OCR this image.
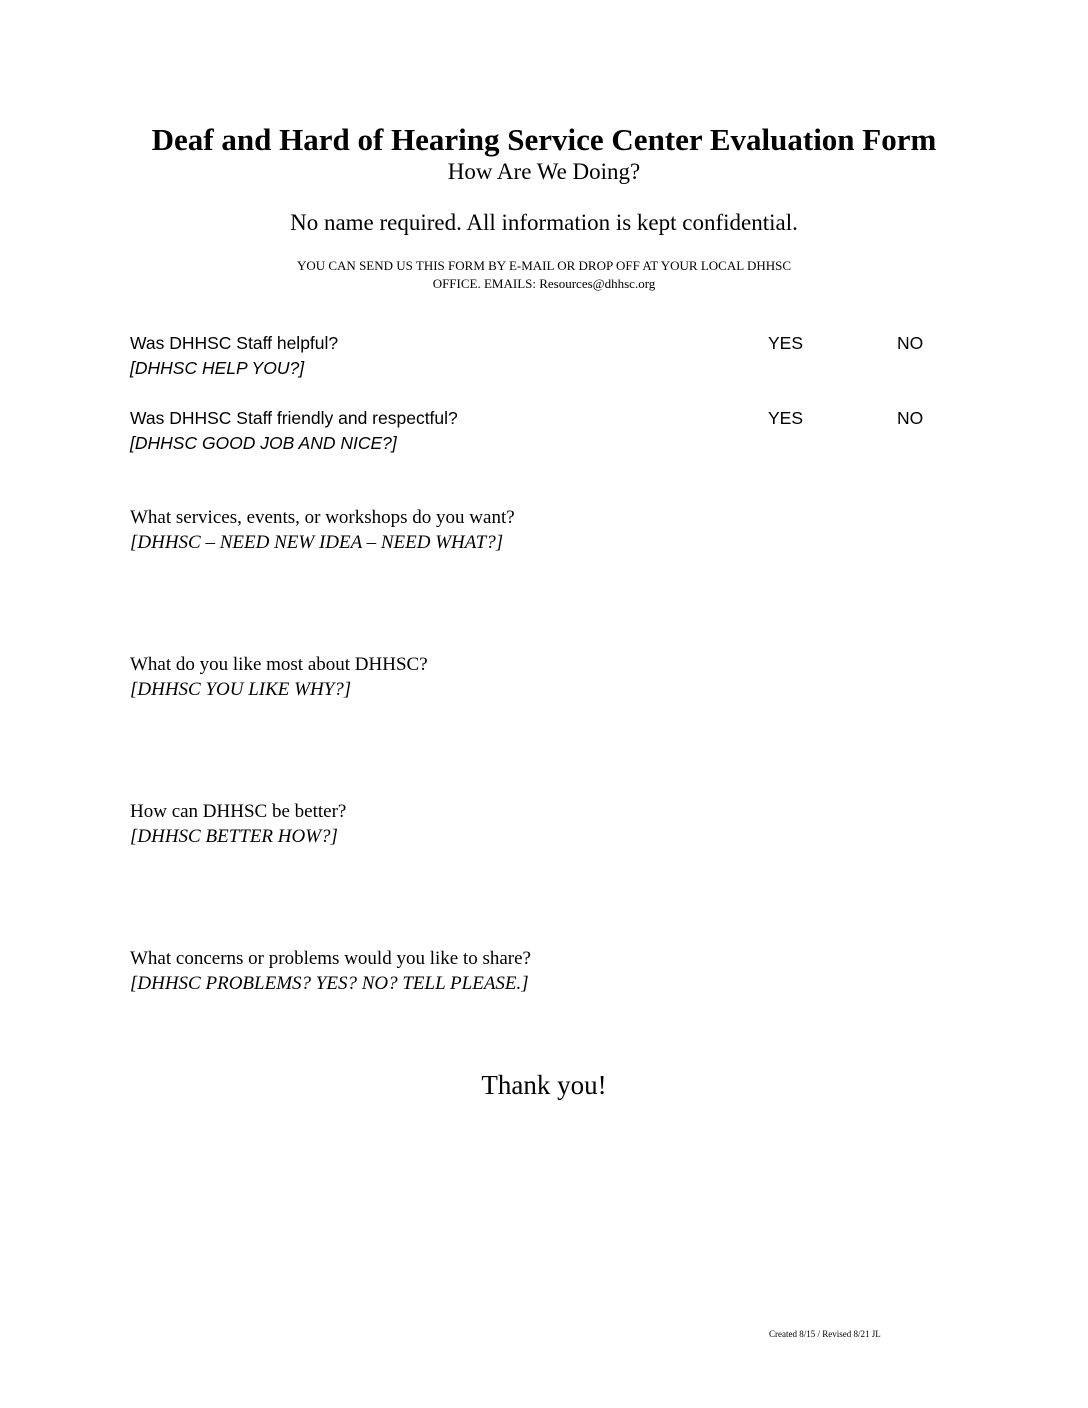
Deaf and Hard of Hearing Service Center Evaluation Form
How Are We Doing?
No name required. All information is kept confidential.
YOU CAN SEND US THIS FORM BY E-MAIL OR DROP OFF AT YOUR LOCAL DHHSC
OFFICE. EMAILS: Resources@dhhsc.org
Was DHHSC Staff helpful?
[DHHSC HELP YOU?]
YES	NO
Was DHHSC Staff friendly and respectful?
[DHHSC GOOD JOB AND NICE?]
YES	NO
What services, events, or workshops do you want?
[DHHSC – NEED NEW IDEA – NEED WHAT?]
What do you like most about DHHSC?
[DHHSC YOU LIKE WHY?]
How can DHHSC be better?
[DHHSC BETTER HOW?]
What concerns or problems would you like to share?
[DHHSC PROBLEMS? YES? NO? TELL PLEASE.]
Thank you!
Created 8/15 / Revised 8/21 JL
